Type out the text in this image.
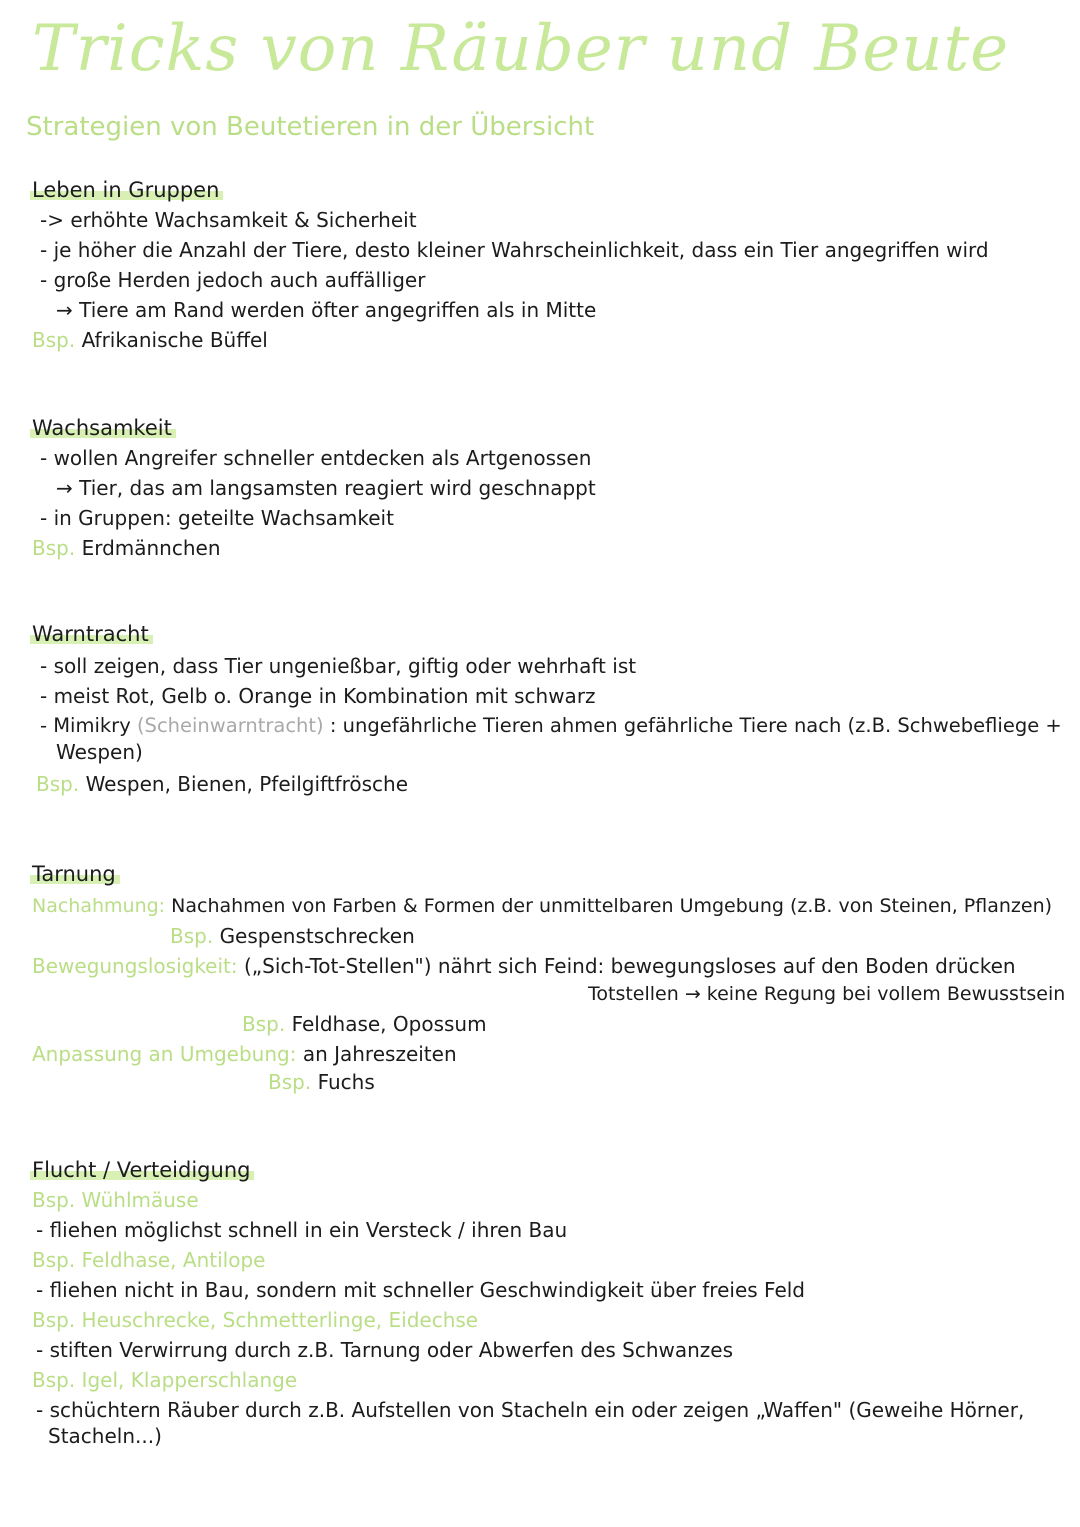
Tricks von Räuber und Beute
Strategien von Beutetieren in der Übersicht
Leben in Gruppen
-> erhöhte Wachsamkeit & Sicherheit
- je höher die Anzahl der Tiere, desto kleiner Wahrscheinlichkeit, dass ein Tier angegriffen wird
- große Herden jedoch auch auffälliger
→ Tiere am Rand werden öfter angegriffen als in Mitte
Bsp. Afrikanische Büffel
Wachsamkeit
- wollen Angreifer schneller entdecken als Artgenossen
→ Tier, das am langsamsten reagiert wird geschnappt
- in Gruppen: geteilte Wachsamkeit
Bsp. Erdmännchen
Warntracht
- soll zeigen, dass Tier ungenießbar, giftig oder wehrhaft ist
- meist Rot, Gelb o. Orange in Kombination mit schwarz
- Mimikry (Scheinwarntracht) : ungefährliche Tieren ahmen gefährliche Tiere nach (z.B. Schwebefliege +
Wespen)
Bsp. Wespen, Bienen, Pfeilgiftfrösche
Tarnung
Nachahmung: Nachahmen von Farben & Formen der unmittelbaren Umgebung (z.B. von Steinen, Pflanzen)
Bsp. Gespenstschrecken
Bewegungslosigkeit: („Sich-Tot-Stellen") nährt sich Feind: bewegungsloses auf den Boden drücken
Totstellen → keine Regung bei vollem Bewusstsein
Bsp. Feldhase, Opossum
Anpassung an Umgebung: an Jahreszeiten
Bsp. Fuchs
Flucht / Verteidigung
Bsp. Wühlmäuse
- fliehen möglichst schnell in ein Versteck / ihren Bau
Bsp. Feldhase, Antilope
- fliehen nicht in Bau, sondern mit schneller Geschwindigkeit über freies Feld
Bsp. Heuschrecke, Schmetterlinge, Eidechse
- stiften Verwirrung durch z.B. Tarnung oder Abwerfen des Schwanzes
Bsp. Igel, Klapperschlange
- schüchtern Räuber durch z.B. Aufstellen von Stacheln ein oder zeigen „Waffen" (Geweihe Hörner,
Stacheln...)
